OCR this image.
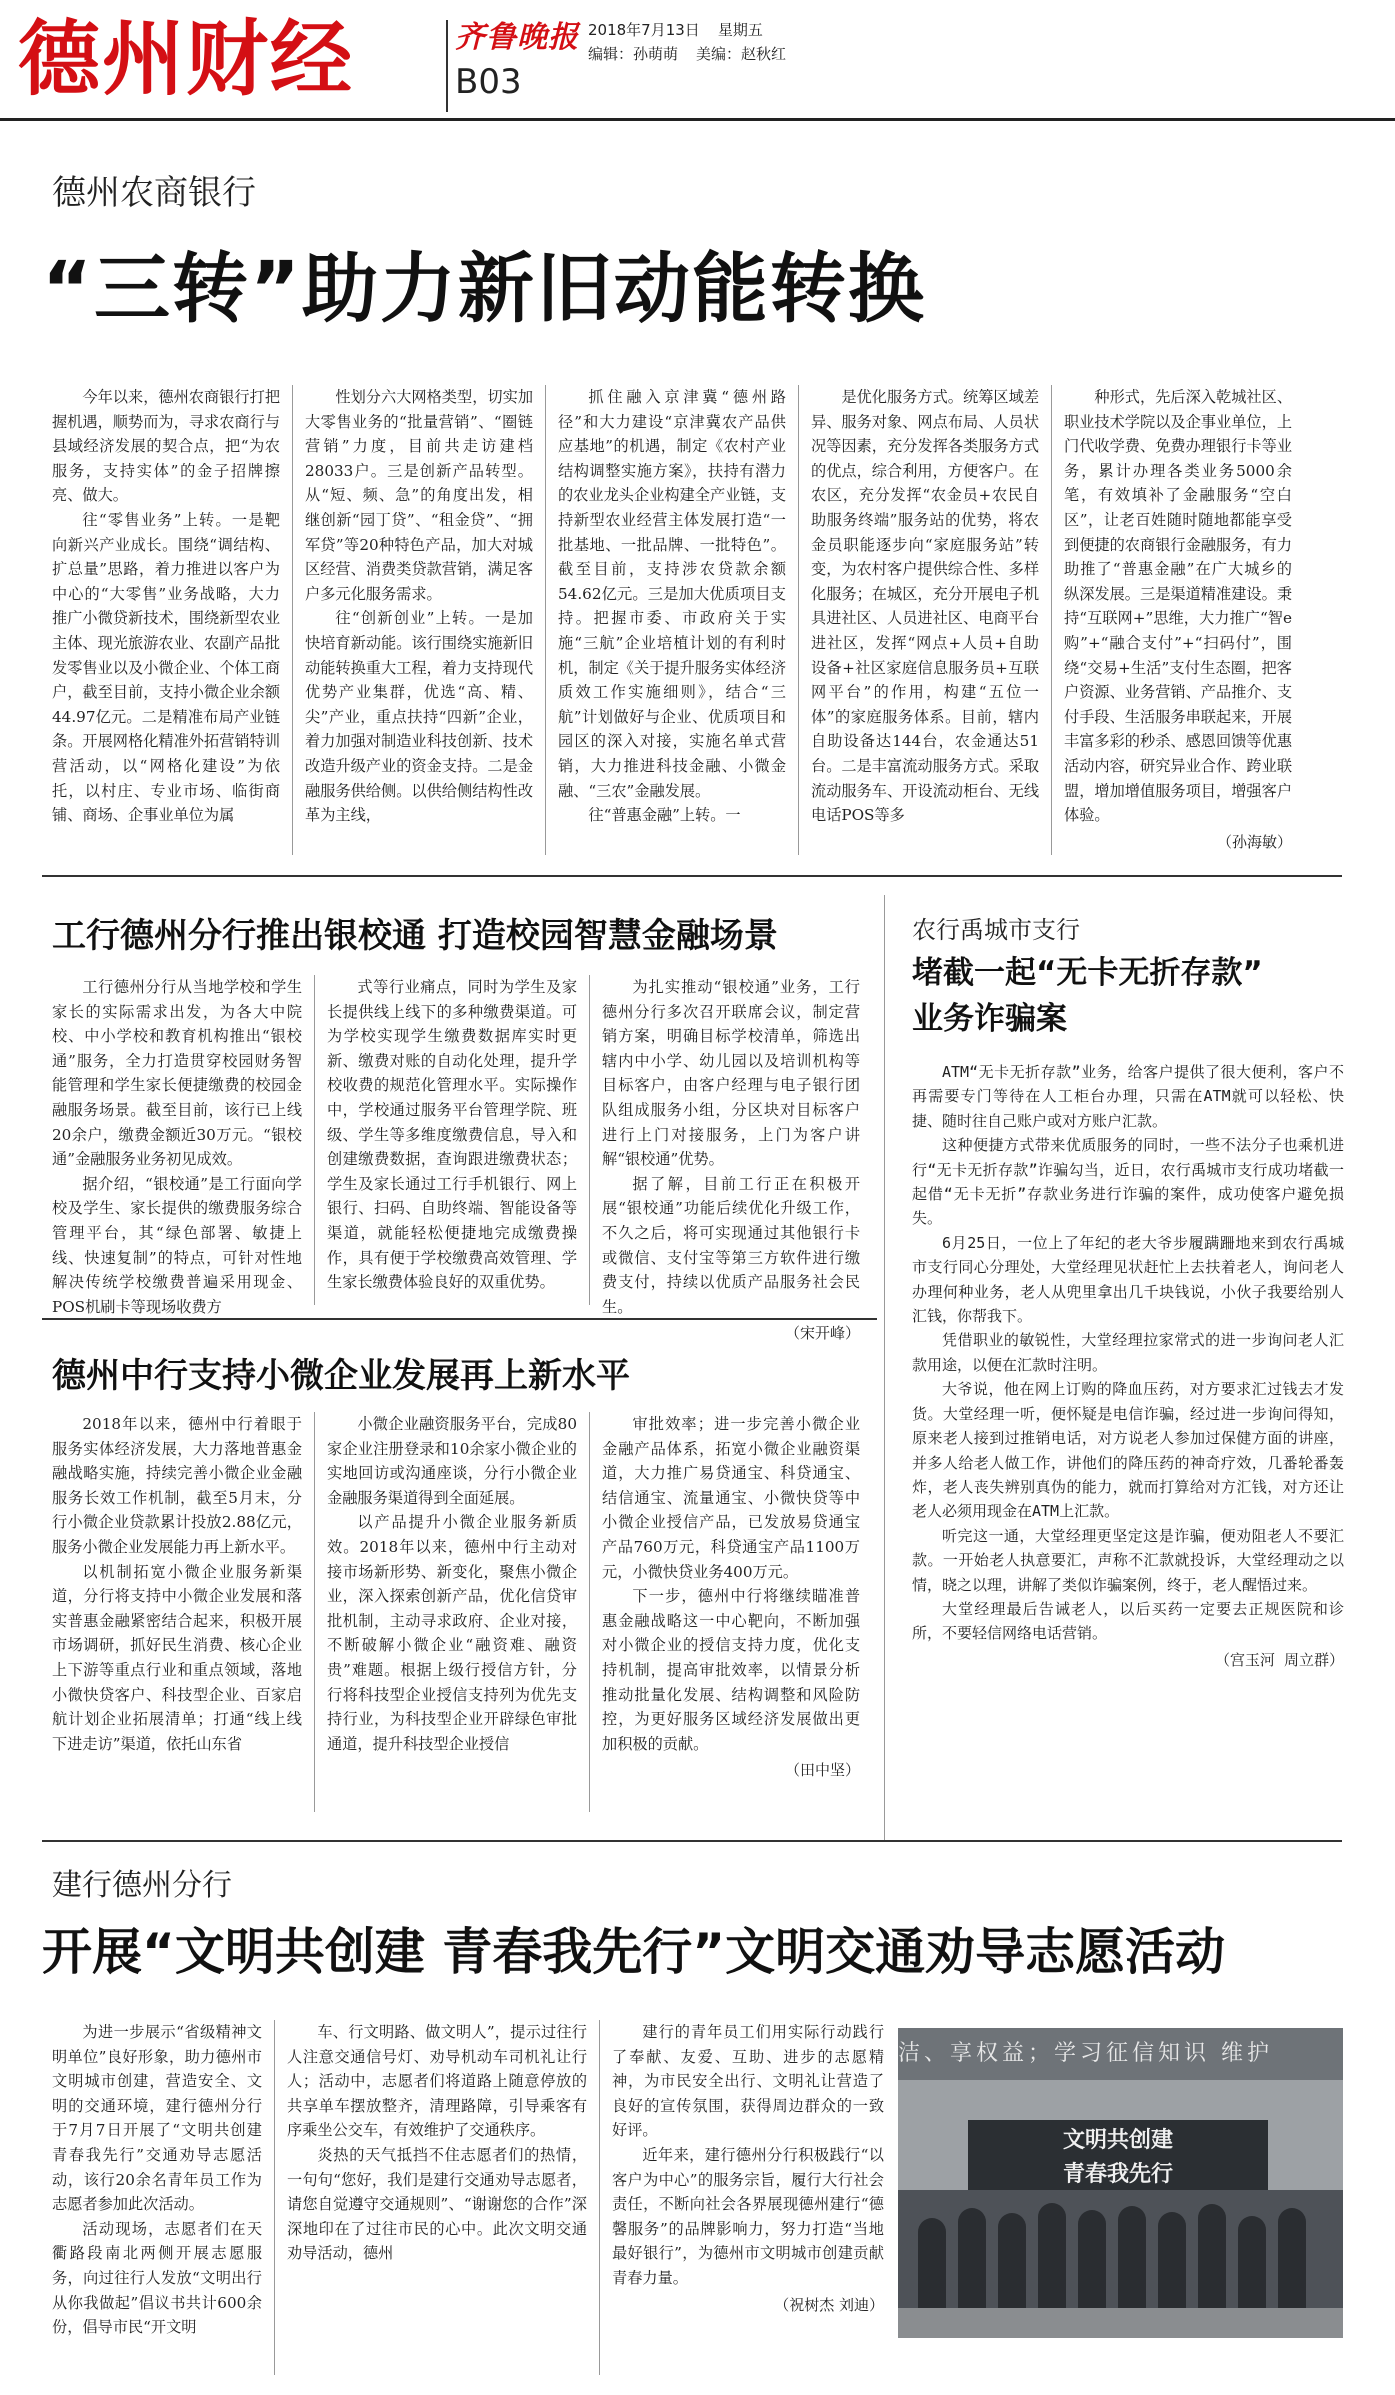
德州财经	齐鲁晚报
B03
2018年7月13日 星期五
编辑：孙萌萌 美编：赵秋红
德州农商银行
“三转”助力新旧动能转换

今年以来，德州农商银行打把握机遇，顺势而为，寻求农商行与县域经济发展的契合点，把“为农服务，支持实体”的金子招牌擦亮、做大。

往“零售业务”上转。一是靶向新兴产业成长。围绕“调结构、扩总量”思路，着力推进以客户为中心的“大零售”业务战略，大力推广小微贷新技术，围绕新型农业主体、现光旅游农业、农副产品批发零售业以及小微企业、个体工商户，截至目前，支持小微企业余额44.97亿元。二是精准布局产业链条。开展网格化精准外拓营销特训营活动，以“网格化建设”为依托，以村庄、专业市场、临街商铺、商场、企事业单位为属

性划分六大网格类型，切实加大零售业务的“批量营销”、“圈链营销”力度，目前共走访建档28033户。三是创新产品转型。从“短、频、急”的角度出发，相继创新“园丁贷”、“租金贷”、“拥军贷”等20种特色产品，加大对城区经营、消费类贷款营销，满足客户多元化服务需求。

往“创新创业”上转。一是加快培育新动能。该行围绕实施新旧动能转换重大工程，着力支持现代优势产业集群，优选“高、精、尖”产业，重点扶持“四新”企业，着力加强对制造业科技创新、技术改造升级产业的资金支持。二是金融服务供给侧。以供给侧结构性改革为主线，

抓住融入京津冀“德州路径”和大力建设“京津冀农产品供应基地”的机遇，制定《农村产业结构调整实施方案》，扶持有潜力的农业龙头企业构建全产业链，支持新型农业经营主体发展打造“一批基地、一批品牌、一批特色”。截至目前，支持涉农贷款余额54.62亿元。三是加大优质项目支持。把握市委、市政府关于实施“三航”企业培植计划的有利时机，制定《关于提升服务实体经济质效工作实施细则》，结合“三航”计划做好与企业、优质项目和园区的深入对接，实施名单式营销，大力推进科技金融、小微金融、“三农”金融发展。

往“普惠金融”上转。一

是优化服务方式。统筹区域差异、服务对象、网点布局、人员状况等因素，充分发挥各类服务方式的优点，综合利用，方便客户。在农区，充分发挥“农金员+农民自助服务终端”服务站的优势，将农金员职能逐步向“家庭服务站”转变，为农村客户提供综合性、多样化服务；在城区，充分开展电子机具进社区、人员进社区、电商平台进社区，发挥“网点+人员+自助设备+社区家庭信息服务员+互联网平台”的作用，构建“五位一体”的家庭服务体系。目前，辖内自助设备达144台，农金通达51台。二是丰富流动服务方式。采取流动服务车、开设流动柜台、无线电话POS等多

种形式，先后深入乾城社区、职业技术学院以及企事业单位，上门代收学费、免费办理银行卡等业务，累计办理各类业务5000余笔，有效填补了金融服务“空白区”，让老百姓随时随地都能享受到便捷的农商银行金融服务，有力助推了“普惠金融”在广大城乡的纵深发展。三是渠道精准建设。秉持“互联网+”思维，大力推广“智e购”+“融合支付”+“扫码付”，围绕“交易+生活”支付生态圈，把客户资源、业务营销、产品推介、支付手段、生活服务串联起来，开展丰富多彩的秒杀、感恩回馈等优惠活动内容，研究异业合作、跨业联盟，增加增值服务项目，增强客户体验。

（孙海敏）
工行德州分行推出银校通 打造校园智慧金融场景

工行德州分行从当地学校和学生家长的实际需求出发，为各大中院校、中小学校和教育机构推出“银校通”服务，全力打造贯穿校园财务智能管理和学生家长便捷缴费的校园金融服务场景。截至目前，该行已上线20余户，缴费金额近30万元。“银校通”金融服务业务初见成效。

据介绍，“银校通”是工行面向学校及学生、家长提供的缴费服务综合管理平台，其“绿色部署、敏捷上线、快速复制”的特点，可针对性地解决传统学校缴费普遍采用现金、POS机刷卡等现场收费方

式等行业痛点，同时为学生及家长提供线上线下的多种缴费渠道。可为学校实现学生缴费数据库实时更新、缴费对账的自动化处理，提升学校收费的规范化管理水平。实际操作中，学校通过服务平台管理学院、班级、学生等多维度缴费信息，导入和创建缴费数据，查询跟进缴费状态；学生及家长通过工行手机银行、网上银行、扫码、自助终端、智能设备等渠道，就能轻松便捷地完成缴费操作，具有便于学校缴费高效管理、学生家长缴费体验良好的双重优势。

为扎实推动“银校通”业务，工行德州分行多次召开联席会议，制定营销方案，明确目标学校清单，筛选出辖内中小学、幼儿园以及培训机构等目标客户，由客户经理与电子银行团队组成服务小组，分区块对目标客户进行上门对接服务，上门为客户讲解“银校通”优势。

据了解，目前工行正在积极开展“银校通”功能后续优化升级工作，不久之后，将可实现通过其他银行卡或微信、支付宝等第三方软件进行缴费支付，持续以优质产品服务社会民生。

（宋开峰）
德州中行支持小微企业发展再上新水平

2018年以来，德州中行着眼于服务实体经济发展，大力落地普惠金融战略实施，持续完善小微企业金融服务长效工作机制，截至5月末，分行小微企业贷款累计投放2.88亿元，服务小微企业发展能力再上新水平。

以机制拓宽小微企业服务新渠道，分行将支持中小微企业发展和落实普惠金融紧密结合起来，积极开展市场调研，抓好民生消费、核心企业上下游等重点行业和重点领域，落地小微快贷客户、科技型企业、百家启航计划企业拓展清单；打通“线上线下进走访”渠道，依托山东省

小微企业融资服务平台，完成80家企业注册登录和10余家小微企业的实地回访或沟通座谈，分行小微企业金融服务渠道得到全面延展。

以产品提升小微企业服务新质效。2018年以来，德州中行主动对接市场新形势、新变化，聚焦小微企业，深入探索创新产品，优化信贷审批机制，主动寻求政府、企业对接，不断破解小微企业“融资难、融资贵”难题。根据上级行授信方针，分行将科技型企业授信支持列为优先支持行业，为科技型企业开辟绿色审批通道，提升科技型企业授信

审批效率；进一步完善小微企业金融产品体系，拓宽小微企业融资渠道，大力推广易贷通宝、科贷通宝、结信通宝、流量通宝、小微快贷等中小微企业授信产品，已发放易贷通宝产品760万元，科贷通宝产品1100万元，小微快贷业务400万元。

下一步，德州中行将继续瞄准普惠金融战略这一中心靶向，不断加强对小微企业的授信支持力度，优化支持机制，提高审批效率，以情景分析推动批量化发展、结构调整和风险防控，为更好服务区域经济发展做出更加积极的贡献。

（田中坚）
农行禹城市支行
堵截一起“无卡无折存款”
业务诈骗案

ATM“无卡无折存款”业务，给客户提供了很大便利，客户不再需要专门等待在人工柜台办理，只需在ATM就可以轻松、快捷、随时往自己账户或对方账户汇款。

这种便捷方式带来优质服务的同时，一些不法分子也乘机进行“无卡无折存款”诈骗勾当，近日，农行禹城市支行成功堵截一起借“无卡无折”存款业务进行诈骗的案件，成功使客户避免损失。

6月25日，一位上了年纪的老大爷步履蹒跚地来到农行禹城市支行同心分理处，大堂经理见状赶忙上去扶着老人，询问老人办理何种业务，老人从兜里拿出几千块钱说，小伙子我要给别人汇钱，你帮我下。

凭借职业的敏锐性，大堂经理拉家常式的进一步询问老人汇款用途，以便在汇款时注明。

大爷说，他在网上订购的降血压药，对方要求汇过钱去才发货。大堂经理一听，便怀疑是电信诈骗，经过进一步询问得知，原来老人接到过推销电话，对方说老人参加过保健方面的讲座，并多人给老人做工作，讲他们的降压药的神奇疗效，几番轮番轰炸，老人丧失辨别真伪的能力，就而打算给对方汇钱，对方还让老人必须用现金在ATM上汇款。

听完这一通，大堂经理更坚定这是诈骗，便劝阻老人不要汇款。一开始老人执意要汇，声称不汇款就投诉，大堂经理动之以情，晓之以理，讲解了类似诈骗案例，终于，老人醒悟过来。

大堂经理最后告诫老人，以后买药一定要去正规医院和诊所，不要轻信网络电话营销。

（宫玉河 周立群）
建行德州分行
开展“文明共创建 青春我先行”文明交通劝导志愿活动

为进一步展示“省级精神文明单位”良好形象，助力德州市文明城市创建，营造安全、文明的交通环境，建行德州分行于7月7日开展了“文明共创建 青春我先行”交通劝导志愿活动，该行20余名青年员工作为志愿者参加此次活动。

活动现场，志愿者们在天衢路段南北两侧开展志愿服务，向过往行人发放“文明出行 从你我做起”倡议书共计600余份，倡导市民“开文明

车、行文明路、做文明人”，提示过往行人注意交通信号灯、劝导机动车司机礼让行人；活动中，志愿者们将道路上随意停放的共享单车摆放整齐，清理路障，引导乘客有序乘坐公交车，有效维护了交通秩序。

炎热的天气抵挡不住志愿者们的热情，一句句“您好，我们是建行交通劝导志愿者，请您自觉遵守交通规则”、“谢谢您的合作”深深地印在了过往市民的心中。此次文明交通劝导活动，德州

建行的青年员工们用实际行动践行了奉献、友爱、互助、进步的志愿精神，为市民安全出行、文明礼让营造了良好的宣传氛围，获得周边群众的一致好评。

近年来，建行德州分行积极践行“以客户为中心”的服务宗旨，履行大行社会责任，不断向社会各界展现德州建行“德馨服务”的品牌影响力，努力打造“当地最好银行”，为德州市文明城市创建贡献青春力量。

（祝树杰 刘迪）
洁、享权益；学习征信知识 维护
文明共创建
青春我先行
